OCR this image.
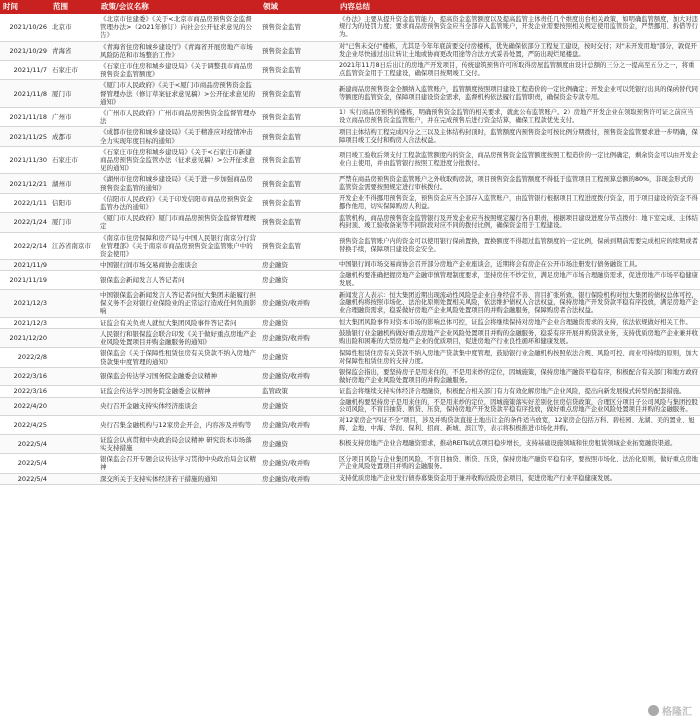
时间	范围	政策/会议名称	领域	内容总结
2021/10/26	北京市	《北京市住建委》《关于<北京市商品房预售资金监督管理办法>（2021年修订）向社会公开征求意见的公告》	预售资金监管	《办法》主要从提升资金监管能力，提高资金监管额度以及提高监管主体责任几个维度出台相关政策，如明确监管额度，加大对违规行为的处罚力度；要求商品房预售资金应当全部存入监管账户，开发企业需要按照相关规定使用监管资金，严禁挪用、拆借等行为。
2021/10/29	青海省	《青海省住房和城乡建设厅》《青海省开展房地产市场风险防范和市场整治工作》	预售资金监管	对"已售未交付"楼栋，尤其是今年年底前要交付房楼栋，优先确保依部分工程复工建设，按时交付；对"未开发用地"部分，敦促开发企业尽快通过出让转让土地或协商更改用途等合法方式妥善处置，严防出现烂尾楼盘。
2021/11/7	石家庄市	《石家庄市住房和城乡建设局》《关于调整我市商品房预售资金监管额度》	预售资金监管	2021年11月8日后出让的房地产开发项目，传统建筑预售许可所取得房屋监管额度由设计总额的三分之一提高至五分之一，将重点监管资金用于工程建设，确保项目按期竣工交付。
2021/11/8	厦门市	《厦门市人民政府》《关于<厦门市商品房预售资金监督管理办法（修订草案征求意见稿）>公开征求意见的通知》	预售资金监管	新建商品房预售资金全额纳入监管账户，监管额度按照项目建设工程造价的一定比例确定；开发企业可以凭银行出具的保函替代同等额度的监管资金，保障项目建设资金需求，监督机构依法履行监管职责，确保资金专款专用。
2021/11/18	广州市	《广州市人民政府》广州市商品房预售资金监督管理办法	预售资金监管	1）实行商品房预售的楼栋，明确预售资金监管的相关要求，就此公布监管账户。2）房地产开发企业在领取预售许可证之前应当设立商品房预售资金监管账户，并在完成预售后进行资金结算，确保工程款优先支付。
2021/11/25	成都市	《成都市住房和城乡建设局》《关于精准应对疫情冲击全力实现年度目标的通知》	预售资金监管	项目主体结构工程完成四分之三以及主体结构封顶时，监管额度内预售资金可按比例分期拨付，预售资金监管要求进一步明确，保障项目竣工交付和购房人合法权益。
2021/11/30	石家庄市	《石家庄市住房和城乡建设局》《关于<石家庄市新建商品房预售资金监管办法（征求意见稿）>公开征求意见的通知》	预售资金监管	项目竣工验收后须支付工程款监管额度内的资金，商品房预售资金监管额度按照工程造价的一定比例确定，剩余资金可以由开发企业自主使用，并由监管银行按照工程进度分批拨付。
2021/12/21	湖州市	《湖州市住房和城乡建设局》《关于进一步加强商品房预售资金监管的通知》	预售资金监管	严禁在商品房预售资金监管账户之外收取购房款，项目预售资金监管额度不得低于监管项目工程预算总额的80%，非现金形式的监管资金需要按照规定进行审核拨付。
2022/1/11	信阳市	《信阳市人民政府》《关于印发信阳市商品房预售资金监管办法的通知》	预售资金监管	开发企业不得挪用预售资金，预售资金应当全部存入监管账户，由监管银行根据项目工程进度拨付资金，用于项目建设的资金不得挪作他用，切实保障购房人利益。
2022/1/24	厦门市	《厦门市人民政府》厦门市商品房预售资金监督管理规定	预售资金监管	监管机构、商品房预售资金监管银行及开发企业应当按照规定履行各自职责，根据项目建设进度分节点拨付：地下室完成、主体结构封顶、竣工验收备案等不同阶段对应不同的拨付比例，确保资金用于工程建设。
2022/2/14	江苏省南京市	《南京市住房保障和房产局与中国人民银行南京分行营业管理部》《关于南京市商品房预售资金监管账户中的资金使用》	预售资金监管	预售资金监管账户内的资金可以使用银行保函置换，置换额度不得超过监管额度的一定比例，保函到期前需要完成相应的续期或者替换手续，保障项目建设资金安全。
2021/11/9		中国银行间市场交易商协会座谈会	房企融资	中国银行间市场交易商协会召开部分房地产企业座谈会，近期将会有房企在公开市场注册发行债务融资工具。
2021/11/19		银保监会新闻发言人答记者问	房企融资	金融机构要准确把握房地产金融审慎管理制度要求，坚持房住不炒定位，满足房地产市场合理融资需求，促进房地产市场平稳健康发展。
2021/12/3		中国银保监会新闻发言人答记者问恒大集团未能履行担保义务不会对银行业保险业的正常运行造成任何负面影响	房企融资/收并购	新闻发言人表示：恒大集团近期出现流动性风险是企业自身经营不善、盲目扩张所致，银行保险机构对恒大集团的债权总体可控，金融机构将按照市场化、法治化原则处置相关风险，依法维护债权人合法权益，保持房地产开发贷款平稳有序投放，满足房地产企业合理融资需求，稳妥做好房地产企业风险处置项目的并购金融服务，保障购房者合法权益。
2021/12/3		证监会有关负责人就恒大集团风险事件答记者问	房企融资	恒大集团风险事件对资本市场的影响总体可控，证监会将继续保持对房地产企业合理融资需求的支持，依法依规做好相关工作。
2021/12/20		人民银行和银保监会联合印发《关于做好重点房地产企业风险处置项目并购金融服务的通知》	房企融资/收并购	鼓励银行业金融机构做好重点房地产企业风险处置项目并购的金融服务，稳妥有序开展并购贷款业务，支持优质房地产企业兼并收购出险和困难的大型房地产企业的优质项目，促进房地产行业良性循环和健康发展。
2022/2/8		银保监会《关于保障性租赁住房有关贷款不纳入房地产贷款集中度管理的通知》	房企融资	保障性租赁住房有关贷款不纳入房地产贷款集中度管理，鼓励银行业金融机构按照依法合规、风险可控、商业可持续的原则，加大对保障性租赁住房的支持力度。
2022/3/16		银保监会传达学习国务院金融委会议精神	房企融资/收并购	银保监会指出，要坚持房子是用来住的，不是用来炒的定位，因城施策，保持房地产融资平稳有序，积极配合有关部门和地方政府做好房地产企业风险处置项目的并购金融服务。
2022/3/16		证监会传达学习国务院金融委会议精神	监管政策	证监会将继续支持实体经济合理融资，积极配合相关部门有力有效化解房地产企业风险，提出向新发展模式转型的配套措施。
2022/4/20		央行召开金融支持实体经济座谈会	房企融资	金融机构要坚持房子是用来住的，不是用来炒的定位，因城施策落实好差别化住房信贷政策，合理区分项目子公司风险与集团控股公司风险，不盲目抽贷、断贷、压贷，保持房地产开发贷款平稳有序投放，做好重点房地产企业风险处置项目并购的金融服务。
2022/4/25		央行召集金融机构与12家房企开会，内容涉及并购等	房企融资/收并购	对12家房企"四证不全"项目，涉及并购贷款直接土地出让金的条件适当放宽，12家房企包括万科、碧桂园、龙湖、美的置业、旭辉、金地、中海、华润、保利、招商、新城、滨江等，表示将积极推进市场化并购。
2022/5/4		证监会认真贯彻中央政治局会议精神 研究资本市场落实支持措施	房企融资	积极支持房地产企业合理融资需求，推动REITs试点项目稳步增长，支持基础设施领域和住房租赁领域企业拓宽融资渠道。
2022/5/4		银保监会召开专题会议传达学习贯彻中央政治局会议精神	房企融资/收并购	区分项目风险与企业集团风险，不盲目抽贷、断贷、压贷，保持房地产融资平稳有序，要按照市场化、法治化原则，做好重点房地产企业风险处置项目并购的金融服务。
2022/5/4		深交所关于支持实体经济若干措施的通知	房企融资/收并购	支持优质房地产企业发行债券募集资金用于兼并收购出险房企项目，促进房地产行业平稳健康发展。
格隆汇
